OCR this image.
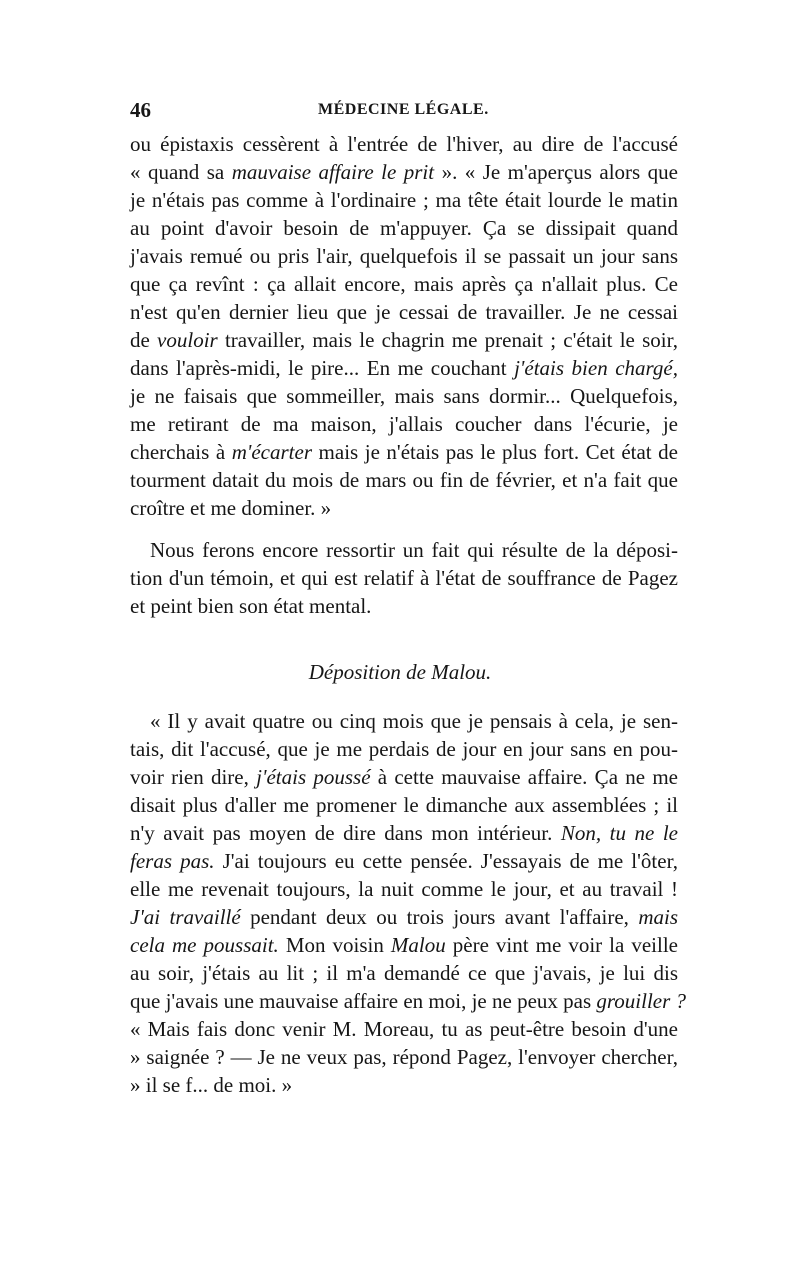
46	MÉDECINE LÉGALE.
ou épistaxis cessèrent à l'entrée de l'hiver, au dire de l'accusé
« quand sa mauvaise affaire le prit ». « Je m'aperçus alors que
je n'étais pas comme à l'ordinaire ; ma tête était lourde le matin
au point d'avoir besoin de m'appuyer. Ça se dissipait quand
j'avais remué ou pris l'air, quelquefois il se passait un jour sans
que ça revînt : ça allait encore, mais après ça n'allait plus. Ce
n'est qu'en dernier lieu que je cessai de travailler. Je ne cessai
de vouloir travailler, mais le chagrin me prenait ; c'était le soir,
dans l'après-midi, le pire... En me couchant j'étais bien chargé,
je ne faisais que sommeiller, mais sans dormir... Quelquefois,
me retirant de ma maison, j'allais coucher dans l'écurie, je
cherchais à m'écarter mais je n'étais pas le plus fort. Cet état de
tourment datait du mois de mars ou fin de février, et n'a fait que
croître et me dominer. »
Nous ferons encore ressortir un fait qui résulte de la déposi-
tion d'un témoin, et qui est relatif à l'état de souffrance de Pagez
et peint bien son état mental.
Déposition de Malou.
« Il y avait quatre ou cinq mois que je pensais à cela, je sen-
tais, dit l'accusé, que je me perdais de jour en jour sans en pou-
voir rien dire, j'étais poussé à cette mauvaise affaire. Ça ne me
disait plus d'aller me promener le dimanche aux assemblées ; il
n'y avait pas moyen de dire dans mon intérieur. Non, tu ne le
feras pas. J'ai toujours eu cette pensée. J'essayais de me l'ôter,
elle me revenait toujours, la nuit comme le jour, et au travail !
J'ai travaillé pendant deux ou trois jours avant l'affaire, mais
cela me poussait. Mon voisin Malou père vint me voir la veille
au soir, j'étais au lit ; il m'a demandé ce que j'avais, je lui dis
que j'avais une mauvaise affaire en moi, je ne peux pas grouiller ?
« Mais fais donc venir M. Moreau, tu as peut-être besoin d'une
» saignée ? — Je ne veux pas, répond Pagez, l'envoyer chercher,
» il se f... de moi. »
